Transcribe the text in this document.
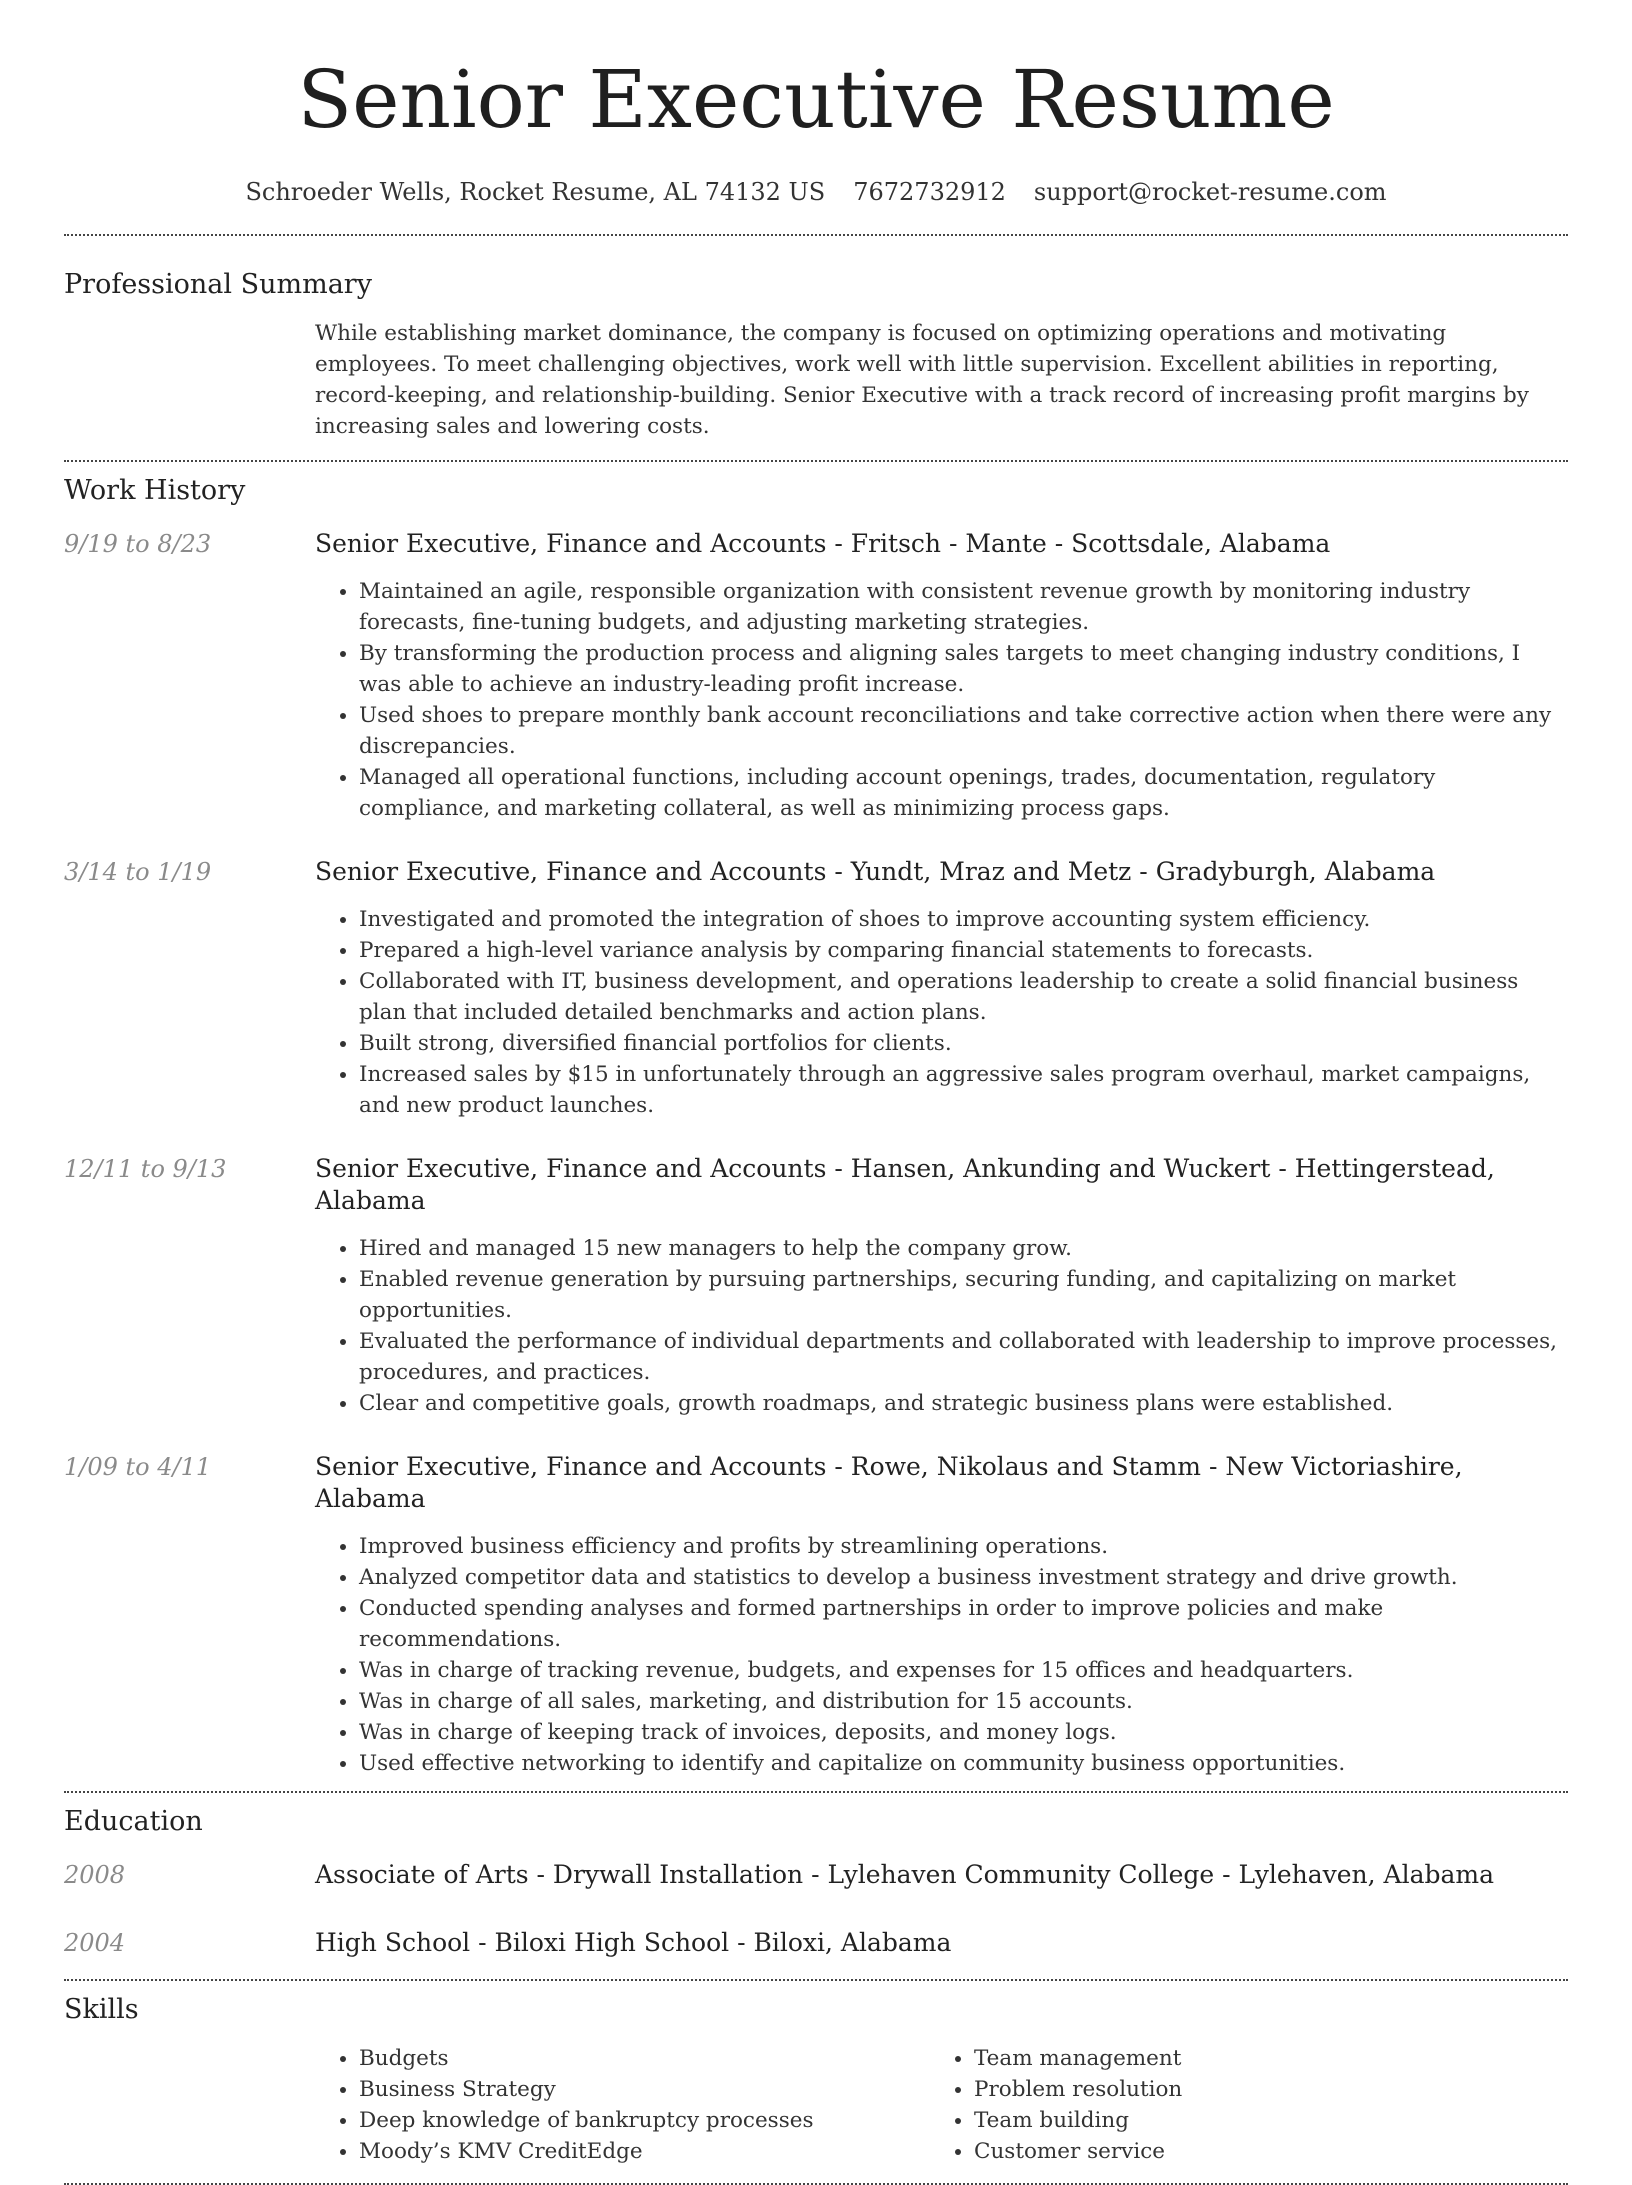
Senior Executive Resume
Schroeder Wells, Rocket Resume, AL 74132 US 7672732912 support@rocket-resume.com
Professional Summary
While establishing market dominance, the company is focused on optimizing operations and motivating employees. To meet challenging objectives, work well with little supervision. Excellent abilities in reporting, record-keeping, and relationship-building. Senior Executive with a track record of increasing profit margins by increasing sales and lowering costs.
Work History
9/19 to 8/23	Senior Executive, Finance and Accounts - Fritsch - Mante - Scottsdale, Alabama
• Maintained an agile, responsible organization with consistent revenue growth by monitoring industry forecasts, fine-tuning budgets, and adjusting marketing strategies.
• By transforming the production process and aligning sales targets to meet changing industry conditions, I was able to achieve an industry-leading profit increase.
• Used shoes to prepare monthly bank account reconciliations and take corrective action when there were any discrepancies.
• Managed all operational functions, including account openings, trades, documentation, regulatory compliance, and marketing collateral, as well as minimizing process gaps.
3/14 to 1/19	Senior Executive, Finance and Accounts - Yundt, Mraz and Metz - Gradyburgh, Alabama
• Investigated and promoted the integration of shoes to improve accounting system efficiency.
• Prepared a high-level variance analysis by comparing financial statements to forecasts.
• Collaborated with IT, business development, and operations leadership to create a solid financial business plan that included detailed benchmarks and action plans.
• Built strong, diversified financial portfolios for clients.
• Increased sales by $15 in unfortunately through an aggressive sales program overhaul, market campaigns, and new product launches.
12/11 to 9/13	Senior Executive, Finance and Accounts - Hansen, Ankunding and Wuckert - Hettingerstead, Alabama
• Hired and managed 15 new managers to help the company grow.
• Enabled revenue generation by pursuing partnerships, securing funding, and capitalizing on market opportunities.
• Evaluated the performance of individual departments and collaborated with leadership to improve processes, procedures, and practices.
• Clear and competitive goals, growth roadmaps, and strategic business plans were established.
1/09 to 4/11	Senior Executive, Finance and Accounts - Rowe, Nikolaus and Stamm - New Victoriashire, Alabama
• Improved business efficiency and profits by streamlining operations.
• Analyzed competitor data and statistics to develop a business investment strategy and drive growth.
• Conducted spending analyses and formed partnerships in order to improve policies and make recommendations.
• Was in charge of tracking revenue, budgets, and expenses for 15 offices and headquarters.
• Was in charge of all sales, marketing, and distribution for 15 accounts.
• Was in charge of keeping track of invoices, deposits, and money logs.
• Used effective networking to identify and capitalize on community business opportunities.
Education
2008	Associate of Arts - Drywall Installation - Lylehaven Community College - Lylehaven, Alabama
2004	High School - Biloxi High School - Biloxi, Alabama
Skills
• Budgets
• Business Strategy
• Deep knowledge of bankruptcy processes
• Moody’s KMV CreditEdge
• Team management
• Problem resolution
• Team building
• Customer service
